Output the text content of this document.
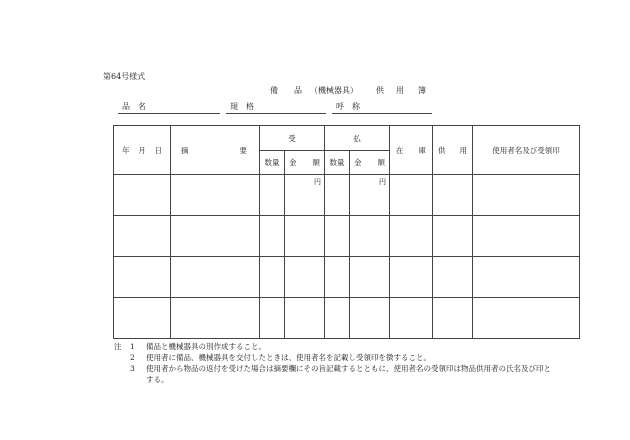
第64号様式
備 品 （機械器具） 供 用 簿
品　名	規　格	呼　称
年 月 日	摘 要	受		払		在 庫	供 用	使用者名及び受領印
		数量	金 額	数量	金 額			

			円		円			

注 1 備品と機械器具の別作成すること。
2 使用者に備品、機械器具を交付したときは、使用者名を記載し受領印を徴すること。
3 使用者から物品の返付を受けた場合は摘要欄にその旨記載するとともに、使用者名の受領印は物品供用者の氏名及び印と
する。
